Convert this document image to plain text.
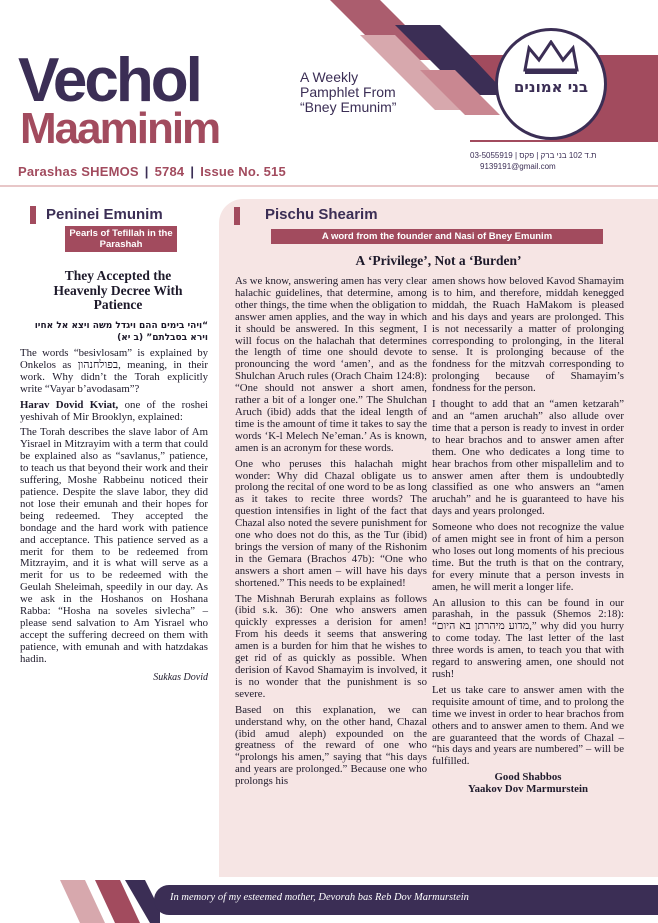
בני אמונים
Vechol
Maaminim
A Weekly Pamphlet From “Bney Emunim”
Parashas SHEMOS | 5784 | Issue No. 515
ת.ד 102 בני ברק | פקס | 03-5055919
9139191@gmail.com
Peninei Emunim
Pearls of Tefillah in the Parashah
They Accepted the Heavenly Decree With Patience

“ויהי בימים ההם ויגדל משה ויצא אל אחיו וירא בסבלתם” (ב יא)

The words “besivlosam” is explained by Onkelos as בפולחנהון, meaning, in their work. Why didn’t the Torah explicitly write “Vayar b’avodasam”?

Harav Dovid Kviat, one of the roshei yeshivah of Mir Brooklyn, explained:

The Torah describes the slave labor of Am Yisrael in Mitzrayim with a term that could be explained also as “savlanus,” patience, to teach us that beyond their work and their suffering, Moshe Rabbeinu noticed their patience. Despite the slave labor, they did not lose their emunah and their hopes for being redeemed. They accepted the bondage and the hard work with patience and acceptance. This patience served as a merit for them to be redeemed from Mitzrayim, and it is what will serve as a merit for us to be redeemed with the Geulah Sheleimah, speedily in our day. As we ask in the Hoshanos on Hoshana Rabba: “Hosha na soveles sivlecha” – please send salvation to Am Yisrael who accept the suffering decreed on them with patience, with emunah and with hatzdakas hadin.

Sukkas Dovid

Pischu Shearim
A word from the founder and Nasi of Bney Emunim
A ‘Privilege’, Not a ‘Burden’

As we know, answering amen has very clear halachic guidelines, that determine, among other things, the time when the obligation to answer amen applies, and the way in which it should be answered. In this segment, I will focus on the halachah that determines the length of time one should devote to pronouncing the word ‘amen’, and as the Shulchan Aruch rules (Orach Chaim 124:8): “One should not answer a short amen, rather a bit of a longer one.” The Shulchan Aruch (ibid) adds that the ideal length of time is the amount of time it takes to say the words ‘K-l Melech Ne’eman.’ As is known, amen is an acronym for these words.

One who peruses this halachah might wonder: Why did Chazal obligate us to prolong the recital of one word to be as long as it takes to recite three words? The question intensifies in light of the fact that Chazal also noted the severe punishment for one who does not do this, as the Tur (ibid) brings the version of many of the Rishonim in the Gemara (Brachos 47b): “One who answers a short amen – will have his days shortened.” This needs to be explained!

The Mishnah Berurah explains as follows (ibid s.k. 36): One who answers amen quickly expresses a derision for amen! From his deeds it seems that answering amen is a burden for him that he wishes to get rid of as quickly as possible. When derision of Kavod Shamayim is involved, it is no wonder that the punishment is so severe.

Based on this explanation, we can understand why, on the other hand, Chazal (ibid amud aleph) expounded on the greatness of the reward of one who “prolongs his amen,” saying that “his days and years are prolonged.” Because one who prolongs his

amen shows how beloved Kavod Shamayim is to him, and therefore, middah kenegged middah, the Ruach HaMakom is pleased and his days and years are prolonged. This is not necessarily a matter of prolonging corresponding to prolonging, in the literal sense. It is prolonging because of the fondness for the mitzvah corresponding to prolonging because of Shamayim’s fondness for the person.

I thought to add that an “amen ketzarah” and an “amen aruchah” also allude over time that a person is ready to invest in order to hear brachos and to answer amen after them. One who dedicates a long time to hear brachos from other mispallelim and to answer amen after them is undoubtedly classified as one who answers an “amen aruchah” and he is guaranteed to have his days and years prolonged.

Someone who does not recognize the value of amen might see in front of him a person who loses out long moments of his precious time. But the truth is that on the contrary, for every minute that a person invests in amen, he will merit a longer life.

An allusion to this can be found in our parashah, in the passuk (Shemos 2:18): “מדוע מיהרתן בא היום,” why did you hurry to come today. The last letter of the last three words is amen, to teach you that with regard to answering amen, one should not rush!

Let us take care to answer amen with the requisite amount of time, and to prolong the time we invest in order to hear brachos from others and to answer amen to them. And we are guaranteed that the words of Chazal – “his days and years are numbered” – will be fulfilled.

Good Shabbos

Yaakov Dov Marmurstein

In memory of my esteemed mother, Devorah bas Reb Dov Marmurstein
